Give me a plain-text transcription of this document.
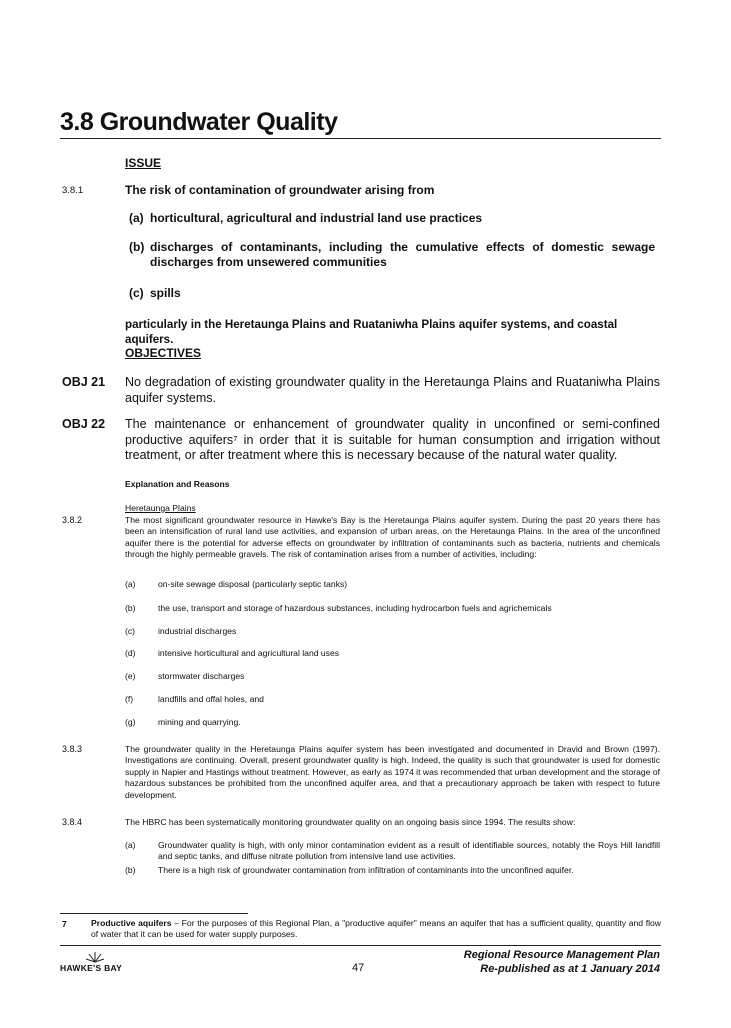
3.8 Groundwater Quality
ISSUE
3.8.1	The risk of contamination of groundwater arising from
(a) horticultural, agricultural and industrial land use practices
(b) discharges of contaminants, including the cumulative effects of domestic sewage discharges from unsewered communities
(c) spills
particularly in the Heretaunga Plains and Ruataniwha Plains aquifer systems, and coastal aquifers.
OBJECTIVES
OBJ 21 No degradation of existing groundwater quality in the Heretaunga Plains and Ruataniwha Plains aquifer systems.
OBJ 22 The maintenance or enhancement of groundwater quality in unconfined or semi-confined productive aquifers⁷ in order that it is suitable for human consumption and irrigation without treatment, or after treatment where this is necessary because of the natural water quality.
Explanation and Reasons
Heretaunga Plains
3.8.2	The most significant groundwater resource in Hawke's Bay is the Heretaunga Plains aquifer system. During the past 20 years there has been an intensification of rural land use activities, and expansion of urban areas, on the Heretaunga Plains. In the area of the unconfined aquifer there is the potential for adverse effects on groundwater by infiltration of contaminants such as bacteria, nutrients and chemicals through the highly permeable gravels. The risk of contamination arises from a number of activities, including:
(a)	on-site sewage disposal (particularly septic tanks)
(b)	the use, transport and storage of hazardous substances, including hydrocarbon fuels and agrichemicals
(c)	industrial discharges
(d)	intensive horticultural and agricultural land uses
(e)	stormwater discharges
(f)	landfills and offal holes, and
(g)	mining and quarrying.
3.8.3	The groundwater quality in the Heretaunga Plains aquifer system has been investigated and documented in Dravid and Brown (1997). Investigations are continuing. Overall, present groundwater quality is high. Indeed, the quality is such that groundwater is used for domestic supply in Napier and Hastings without treatment. However, as early as 1974 it was recommended that urban development and the storage of hazardous substances be prohibited from the unconfined aquifer area, and that a precautionary approach be taken with respect to future development.
3.8.4	The HBRC has been systematically monitoring groundwater quality on an ongoing basis since 1994. The results show:
(a)	Groundwater quality is high, with only minor contamination evident as a result of identifiable sources, notably the Roys Hill landfill and septic tanks, and diffuse nitrate pollution from intensive land use activities.
(b)	There is a high risk of groundwater contamination from infiltration of contaminants into the unconfined aquifer.
7	Productive aquifers – For the purposes of this Regional Plan, a "productive aquifer" means an aquifer that has a sufficient quality, quantity and flow of water that it can be used for water supply purposes.
HAWKE'S BAY	47
Regional Resource Management Plan
Re-published as at 1 January 2014
